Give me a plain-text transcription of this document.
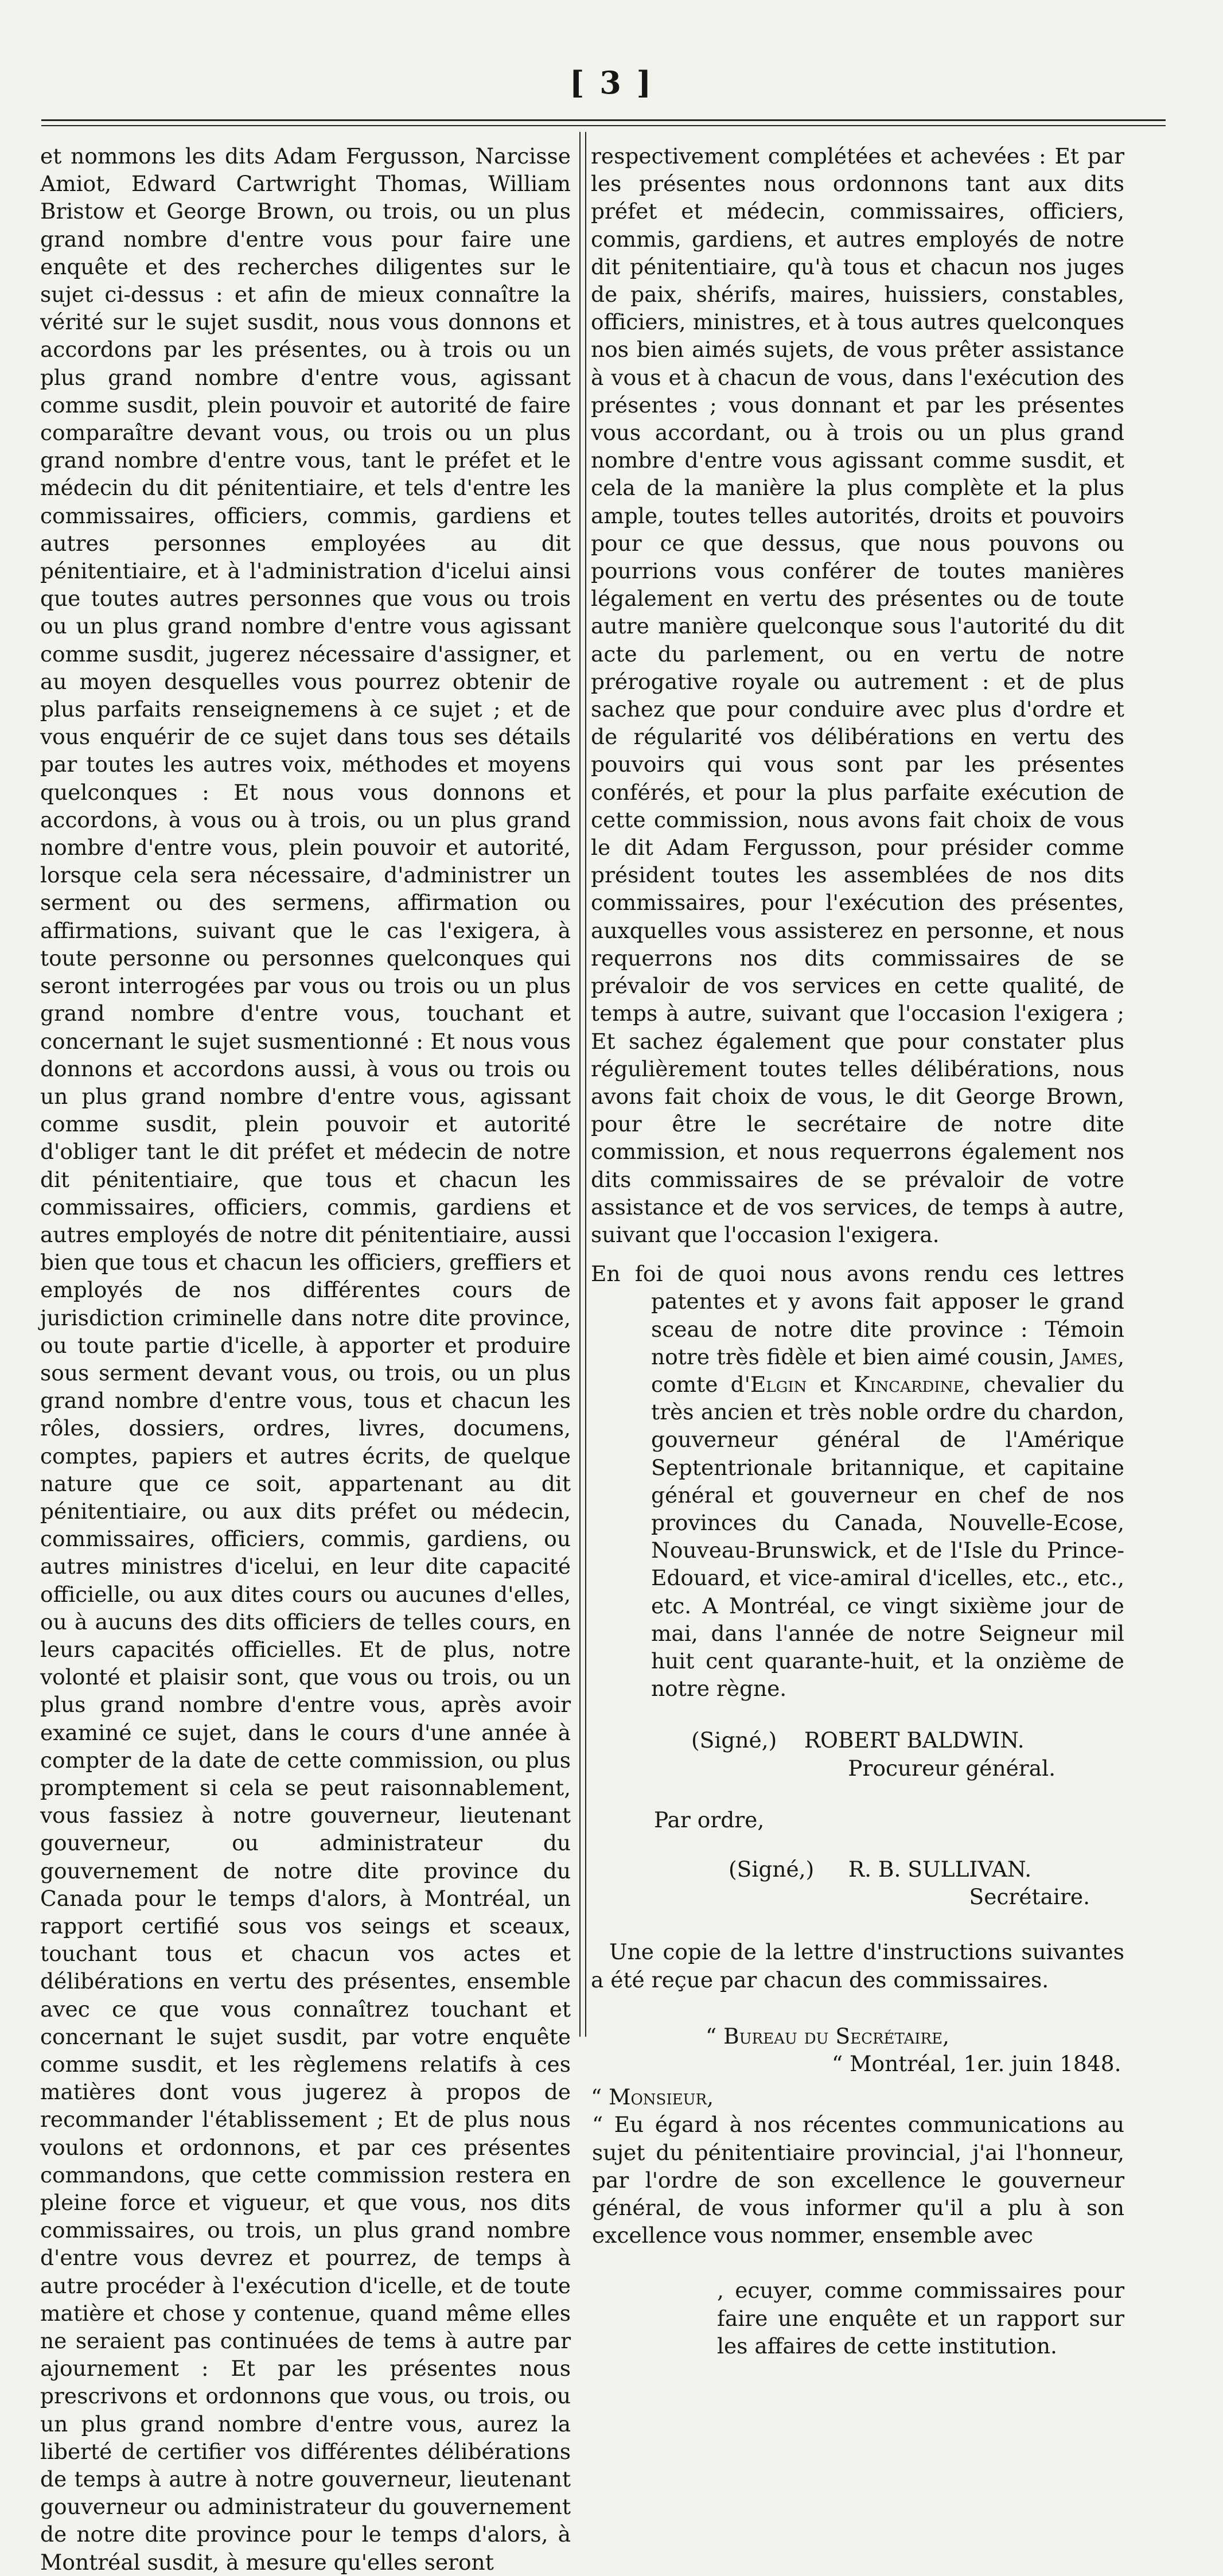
[ 3 ]

et nommons les dits Adam Fergusson, Narcisse Amiot, Edward Cartwright Thomas, William Bristow et George Brown, ou trois, ou un plus grand nombre d'entre vous pour faire une enquête et des recherches diligentes sur le sujet ci-dessus : et afin de mieux connaître la vérité sur le sujet susdit, nous vous donnons et accordons par les présentes, ou à trois ou un plus grand nombre d'entre vous, agissant comme susdit, plein pouvoir et autorité de faire comparaître devant vous, ou trois ou un plus grand nombre d'entre vous, tant le préfet et le médecin du dit pénitentiaire, et tels d'entre les commissaires, officiers, commis, gardiens et autres personnes employées au dit pénitentiaire, et à l'administration d'icelui ainsi que toutes autres personnes que vous ou trois ou un plus grand nombre d'entre vous agissant comme susdit, jugerez nécessaire d'assigner, et au moyen desquelles vous pourrez obtenir de plus parfaits renseignemens à ce sujet ; et de vous enquérir de ce sujet dans tous ses détails par toutes les autres voix, méthodes et moyens quelconques : Et nous vous donnons et accordons, à vous ou à trois, ou un plus grand nombre d'entre vous, plein pouvoir et autorité, lorsque cela sera nécessaire, d'administrer un serment ou des sermens, affirmation ou affirmations, suivant que le cas l'exigera, à toute personne ou personnes quelconques qui seront interrogées par vous ou trois ou un plus grand nombre d'entre vous, touchant et concernant le sujet susmentionné : Et nous vous donnons et accordons aussi, à vous ou trois ou un plus grand nombre d'entre vous, agissant comme susdit, plein pouvoir et autorité d'obliger tant le dit préfet et médecin de notre dit pénitentiaire, que tous et chacun les commissaires, officiers, commis, gardiens et autres employés de notre dit pénitentiaire, aussi bien que tous et chacun les officiers, greffiers et employés de nos différentes cours de jurisdiction criminelle dans notre dite province, ou toute partie d'icelle, à apporter et produire sous serment devant vous, ou trois, ou un plus grand nombre d'entre vous, tous et chacun les rôles, dossiers, ordres, livres, documens, comptes, papiers et autres écrits, de quelque nature que ce soit, appartenant au dit pénitentiaire, ou aux dits préfet ou médecin, commissaires, officiers, commis, gardiens, ou autres ministres d'icelui, en leur dite capacité officielle, ou aux dites cours ou aucunes d'elles, ou à aucuns des dits officiers de telles cours, en leurs capacités officielles. Et de plus, notre volonté et plaisir sont, que vous ou trois, ou un plus grand nombre d'entre vous, après avoir examiné ce sujet, dans le cours d'une année à compter de la date de cette commission, ou plus promptement si cela se peut raisonnablement, vous fassiez à notre gouverneur, lieutenant gouverneur, ou administrateur du gouvernement de notre dite province du Canada pour le temps d'alors, à Montréal, un rapport certifié sous vos seings et sceaux, touchant tous et chacun vos actes et délibérations en vertu des présentes, ensemble avec ce que vous connaîtrez touchant et concernant le sujet susdit, par votre enquête comme susdit, et les règlemens relatifs à ces matières dont vous jugerez à propos de recommander l'établissement ; Et de plus nous voulons et ordonnons, et par ces présentes commandons, que cette commission restera en pleine force et vigueur, et que vous, nos dits commissaires, ou trois, un plus grand nombre d'entre vous devrez et pourrez, de temps à autre procéder à l'exécution d'icelle, et de toute matière et chose y contenue, quand même elles ne seraient pas continuées de tems à autre par ajournement : Et par les présentes nous prescrivons et ordonnons que vous, ou trois, ou un plus grand nombre d'entre vous, aurez la liberté de certifier vos différentes délibérations de temps à autre à notre gouverneur, lieutenant gouverneur ou administrateur du gouvernement de notre dite province pour le temps d'alors, à Montréal susdit, à mesure qu'elles seront

respectivement complétées et achevées : Et par les présentes nous ordonnons tant aux dits préfet et médecin, commissaires, officiers, commis, gardiens, et autres employés de notre dit pénitentiaire, qu'à tous et chacun nos juges de paix, shérifs, maires, huissiers, constables, officiers, ministres, et à tous autres quelconques nos bien aimés sujets, de vous prêter assistance à vous et à chacun de vous, dans l'exécution des présentes ; vous donnant et par les présentes vous accordant, ou à trois ou un plus grand nombre d'entre vous agissant comme susdit, et cela de la manière la plus complète et la plus ample, toutes telles autorités, droits et pouvoirs pour ce que dessus, que nous pouvons ou pourrions vous conférer de toutes manières légalement en vertu des présentes ou de toute autre manière quelconque sous l'autorité du dit acte du parlement, ou en vertu de notre prérogative royale ou autrement : et de plus sachez que pour conduire avec plus d'ordre et de régularité vos délibérations en vertu des pouvoirs qui vous sont par les présentes conférés, et pour la plus parfaite exécution de cette commission, nous avons fait choix de vous le dit Adam Fergusson, pour présider comme président toutes les assemblées de nos dits commissaires, pour l'exécution des présentes, auxquelles vous assisterez en personne, et nous requerrons nos dits commissaires de se prévaloir de vos services en cette qualité, de temps à autre, suivant que l'occasion l'exigera ; Et sachez également que pour constater plus régulièrement toutes telles délibérations, nous avons fait choix de vous, le dit George Brown, pour être le secrétaire de notre dite commission, et nous requerrons également nos dits commissaires de se prévaloir de votre assistance et de vos services, de temps à autre, suivant que l'occasion l'exigera.

En foi de quoi nous avons rendu ces lettres patentes et y avons fait apposer le grand sceau de notre dite province : Témoin notre très fidèle et bien aimé cousin, James, comte d'Elgin et Kincardine, chevalier du très ancien et très noble ordre du chardon, gouverneur général de l'Amérique Septentrionale britannique, et capitaine général et gouverneur en chef de nos provinces du Canada, Nouvelle-Ecose, Nouveau-Brunswick, et de l'Isle du Prince-Edouard, et vice-amiral d'icelles, etc., etc., etc. A Montréal, ce vingt sixième jour de mai, dans l'année de notre Seigneur mil huit cent quarante-huit, et la onzième de notre règne.

(Signé,) ROBERT BALDWIN.

Procureur général.

Par ordre,

(Signé,) R. B. SULLIVAN.

Secrétaire.

Une copie de la lettre d'instructions suivantes a été reçue par chacun des commissaires.

“ Bureau du Secrétaire,

“ Montréal, 1er. juin 1848.

“ Monsieur,

“ Eu égard à nos récentes communications au sujet du pénitentiaire provincial, j'ai l'honneur, par l'ordre de son excellence le gouverneur général, de vous informer qu'il a plu à son excellence vous nommer, ensemble avec

, ecuyer, comme commissaires pour faire une enquête et un rapport sur les affaires de cette institution.
